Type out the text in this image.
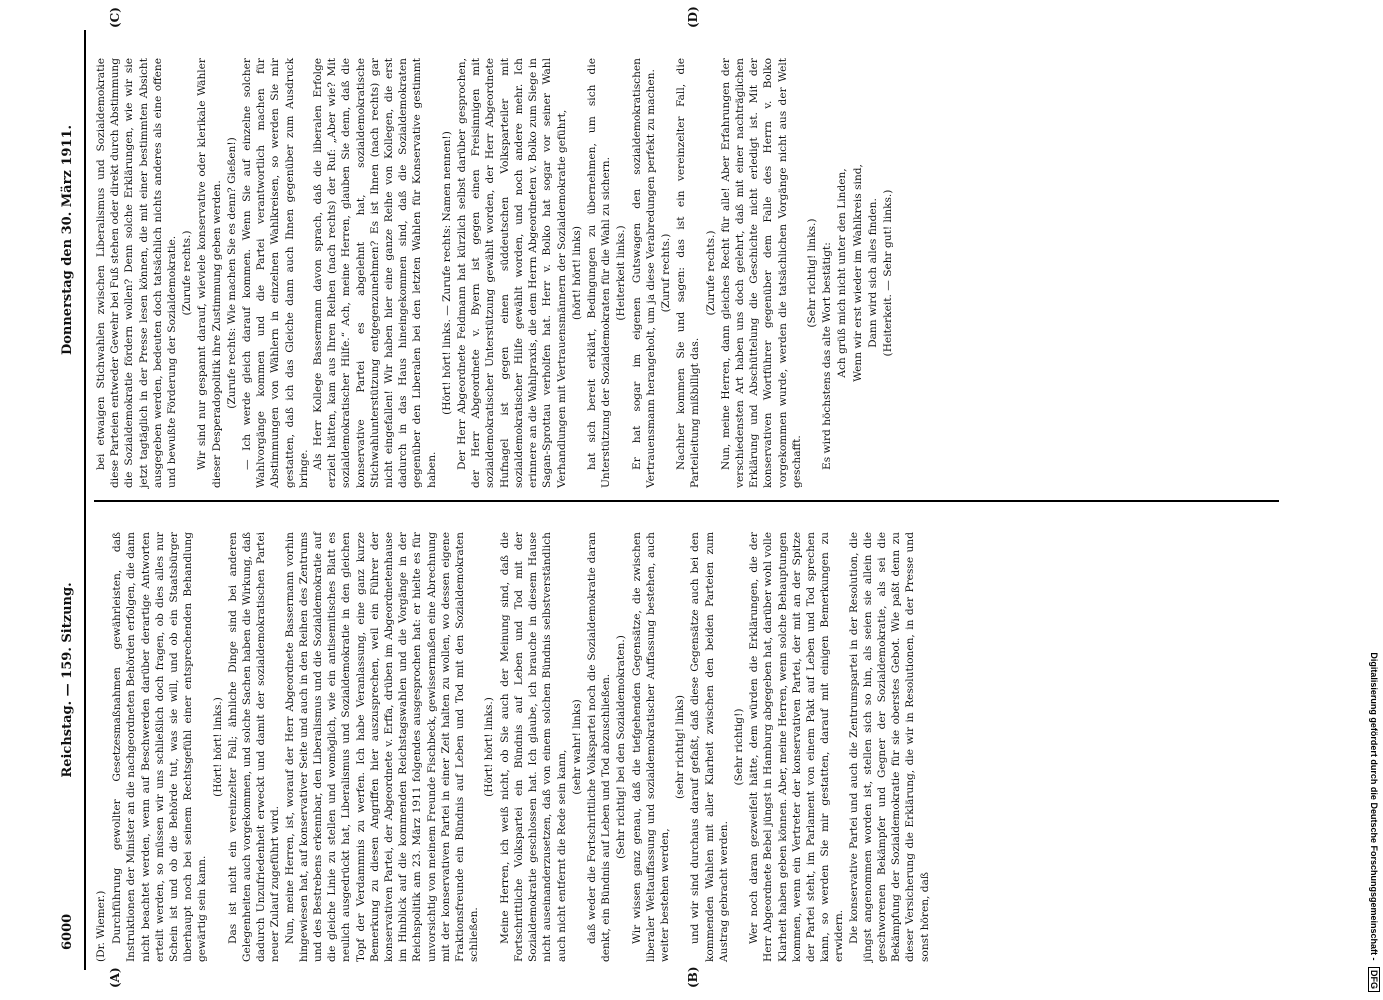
Digitalisierung gefördert durch die Deutsche Forschungsgemeinschaft - DFG
6000
Reichstag. — 159. Sitzung.
Donnerstag den 30. März 1911.
(A)	(B)
(C)	(D)

(Dr. Wiemer.) Durchführung gewollter Gesetzesmaßnahmen gewährleisten, daß Instruktionen der Minister an die nachgeordneten Behörden erfolgen, die dann nicht beachtet werden, wenn auf Beschwerden darüber derartige Antworten erteilt werden, so müssen wir uns schließlich doch fragen, ob dies alles nur Schein ist und ob die Behörde tut, was sie will, und ob ein Staatsbürger überhaupt noch bei seinem Rechtsgefühl einer entsprechenden Behandlung gewärtig sein kann.

(Hört! hört! links.) Das ist nicht ein vereinzelter Fall; ähnliche Dinge sind bei anderen Gelegenheiten auch vorgekommen, und solche Sachen haben die Wirkung, daß dadurch Unzufriedenheit erweckt und damit der sozialdemokratischen Partei neuer Zulauf zugeführt wird. Nun, meine Herren, ist, worauf der Herr Abgeordnete Bassermann vorhin hingewiesen hat, auf konservativer Seite und auch in den Reihen des Zentrums und des Bestrebens erkennbar, den Liberalismus und die Sozialdemokratie auf die gleiche Linie zu stellen und womöglich, wie ein antisemitisches Blatt es neulich ausgedrückt hat, Liberalismus und Sozialdemokratie in den gleichen Topf der Verdammnis zu werfen. Ich habe Veranlassung, eine ganz kurze Bemerkung zu diesen Angriffen hier auszusprechen, weil ein Führer der konservativen Partei, der Abgeordnete v. Erffa, drüben im Abgeordnetenhause im Hinblick auf die kommenden Reichstagswahlen und die Vorgänge in der Reichspolitik am 23. März 1911 folgendes ausgesprochen hat: er hielte es für unvorsichtig von meinem Freunde Fischbeck, gewissermaßen eine Abrechnung mit der konservativen Partei in einer Zeit halten zu wollen, wo dessen eigene Fraktionsfreunde ein Bündnis auf Leben und Tod mit den Sozialdemokraten schließen.

(Hört! hört! links.) Meine Herren, ich weiß nicht, ob Sie auch der Meinung sind, daß die Fortschrittliche Volkspartei ein Bündnis auf Leben und Tod mit der Sozialdemokratie geschlossen hat. Ich glaube, ich brauche in diesem Hause nicht auseinanderzusetzen, daß von einem solchen Bündnis selbstverständlich auch nicht entfernt die Rede sein kann,

(sehr wahr! links) daß weder die Fortschrittliche Volkspartei noch die Sozialdemokratie daran denkt, ein Bündnis auf Leben und Tod abzuschließen. (Sehr richtig! bei den Sozialdemokraten.) Wir wissen ganz genau, daß die tiefgehenden Gegensätze, die zwischen liberaler Weltauffassung und sozialdemokratischer Auffassung bestehen, auch weiter bestehen werden,

(sehr richtig! links) und wir sind durchaus darauf gefaßt, daß diese Gegensätze auch bei den kommenden Wahlen mit aller Klarheit zwischen den beiden Parteien zum Austrag gebracht werden.

(Sehr richtig!) Wer noch daran gezweifelt hätte, dem würden die Erklärungen, die der Herr Abgeordnete Bebel jüngst in Hamburg abgegeben hat, darüber wohl volle Klarheit haben geben können. Aber, meine Herren, wenn solche Behauptungen kommen, wenn ein Vertreter der konservativen Partei, der mit an der Spitze der Partei steht, im Parlament von einem Pakt auf Leben und Tod sprechen kann, so werden Sie mir gestatten, darauf mit einigen Bemerkungen zu erwidern. Die konservative Partei und auch die Zentrumspartei in der Resolution, die jüngst angenommen worden ist, stellen sich so hin, als seien sie allein die geschworenen Bekämpfer und Gegner der Sozialdemokratie, als sei die Bekämpfung der Sozialdemokratie für sie oberstes Gebot. Wie paßt denn zu dieser Versicherung die Erklärung, die wir in Resolutionen, in der Presse und sonst hören, daß

bei etwaigen Stichwahlen zwischen Liberalismus und Sozialdemokratie diese Parteien entweder Gewehr bei Fuß stehen oder direkt durch Abstimmung die Sozialdemokratie fördern wollen? Denn solche Erklärungen, wie wir sie jetzt tagtäglich in der Presse lesen können, die mit einer bestimmten Absicht ausgegeben werden, bedeuten doch tatsächlich nichts anderes als eine offene und bewußte Förderung der Sozialdemokratie. (Zurufe rechts.) Wir sind nur gespannt darauf, wieviele konservative oder klerikale Wähler dieser Desperadopolitik ihre Zustimmung geben werden. (Zurufe rechts: Wie machen Sie es denn? Gießen!) — Ich werde gleich darauf kommen. Wenn Sie auf einzelne solcher Wahlvorgänge kommen und die Partei verantwortlich machen für Abstimmungen von Wählern in einzelnen Wahlkreisen, so werden Sie mir gestatten, daß ich das Gleiche dann auch Ihnen gegenüber zum Ausdruck bringe. Als Herr Kollege Bassermann davon sprach, daß die liberalen Erfolge erzielt hätten, kam aus Ihren Reihen (nach rechts) der Ruf: „Aber wie? Mit sozialdemokratischer Hilfe.“ Ach, meine Herren, glauben Sie denn, daß die konservative Partei es abgelehnt hat, sozialdemokratische Stichwahlunterstützung entgegenzunehmen? Es ist Ihnen (nach rechts) gar nicht eingefallen! Wir haben hier eine ganze Reihe von Kollegen, die erst dadurch in das Haus hineingekommen sind, daß die Sozialdemokraten gegenüber den Liberalen bei den letzten Wahlen für Konservative gestimmt haben.

(Hört! hört! links. — Zurufe rechts: Namen nennen!) Der Herr Abgeordnete Feldmann hat kürzlich selbst darüber gesprochen, der Herr Abgeordnete v. Byern ist gegen einen Freisinnigen mit sozialdemokratischer Unterstützung gewählt worden, der Herr Abgeordnete Hufnagel ist gegen einen süddeutschen Volksparteiler mit sozialdemokratischer Hilfe gewählt worden, und noch andere mehr. Ich erinnere an die Wahlpraxis, die dem Herrn Abgeordneten v. Bolko zum Siege in Sagan-Sprottau verholfen hat. Herr v. Bolko hat sogar vor seiner Wahl Verhandlungen mit Vertrauensmännern der Sozialdemokratie geführt, (hört! hört! links) hat sich bereit erklärt, Bedingungen zu übernehmen, um sich die Unterstützung der Sozialdemokraten für die Wahl zu sichern. (Heiterkeit links.) Er hat sogar im eigenen Gutswagen den sozialdemokratischen Vertrauensmann herangeholt, um ja diese Verabredungen perfekt zu machen. (Zuruf rechts.) Nachher kommen Sie und sagen: das ist ein vereinzelter Fall, die Parteileitung mißbilligt das.

(Zurufe rechts.) Nun, meine Herren, dann gleiches Recht für alle! Aber Erfahrungen der verschiedensten Art haben uns doch gelehrt, daß mit einer nachträglichen Erklärung und Abschüttelung die Geschichte nicht erledigt ist. Mit der konservativen Wortführer gegenüber dem Falle des Herrn v. Bolko vorgekommen wurde, werden die tatsächlichen Vorgänge nicht aus der Welt geschafft.

(Sehr richtig! links.) Es wird höchstens das alte Wort bestätigt: Ach grüß mich nicht unter den Linden, Wenn wir erst wieder im Wahlkreis sind, Dann wird sich alles finden. (Heiterkeit. — Sehr gut! links.)
